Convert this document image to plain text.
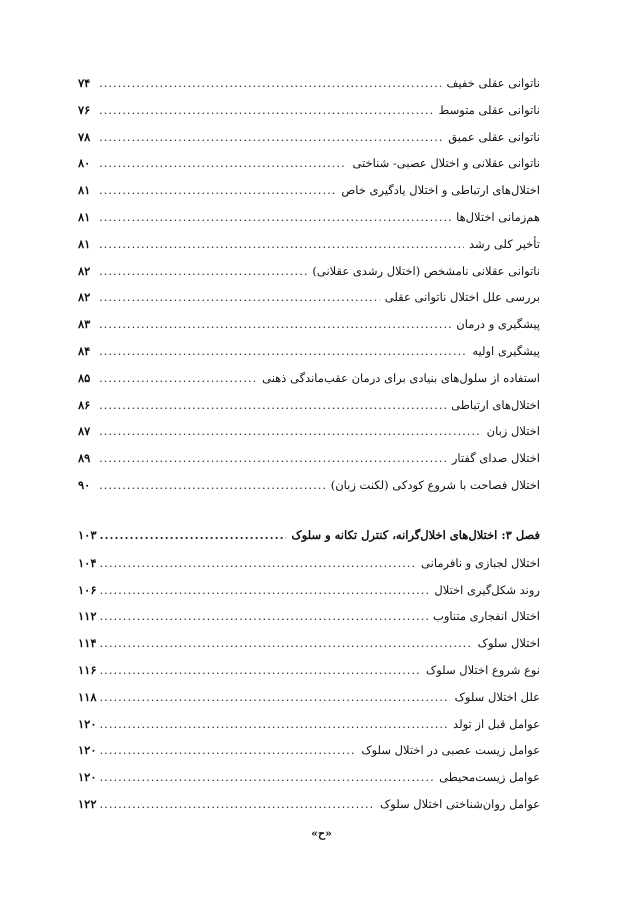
ناتوانی عقلی خفیف
.....
۷۴
ناتوانی عقلی متوسط
.....
۷۶
ناتوانی عقلی عمیق
.....
۷۸
ناتوانی عقلانی و اختلال عصبی- شناختی
.....
۸۰
اختلال‌های ارتباطی و اختلال یادگیری خاص
.....
۸۱
هم‌زمانی اختلال‌ها
.....
۸۱
تأخیر کلی رشد
.....
۸۱
ناتوانی عقلانی نامشخص (اختلال رشدی عقلانی)
.....
۸۲
بررسی علل اختلال ناتوانی عقلی
.....
۸۲
پیشگیری و درمان
.....
۸۳
پیشگیری اولیه
.....
۸۴
استفاده از سلول‌های بنیادی برای درمان عقب‌ماندگی ذهنی
.....
۸۵
اختلال‌های ارتباطی
.....
۸۶
اختلال زبان
.....
۸۷
اختلال صدای گفتار
.....
۸۹
اختلال فصاحت با شروع کودکی (لکنت زبان)
.....
۹۰
فصل ۳: اختلال‌های اخلال‌گرانه، کنترل تکانه و سلوک
.....
۱۰۳
اختلال لجبازی و نافرمانی
.....
۱۰۴
روند شکل‌گیری اختلال
.....
۱۰۶
اختلال انفجاری متناوب
.....
۱۱۲
اختلال سلوک
.....
۱۱۴
نوع شروع اختلال سلوک
.....
۱۱۶
علل اختلال سلوک
.....
۱۱۸
عوامل قبل از تولد
.....
۱۲۰
عوامل زیست عصبی در اختلال سلوک
.....
۱۲۰
عوامل زیست‌محیطی
.....
۱۲۰
عوامل روان‌شناختی اختلال سلوک
.....
۱۲۲
«ح»
